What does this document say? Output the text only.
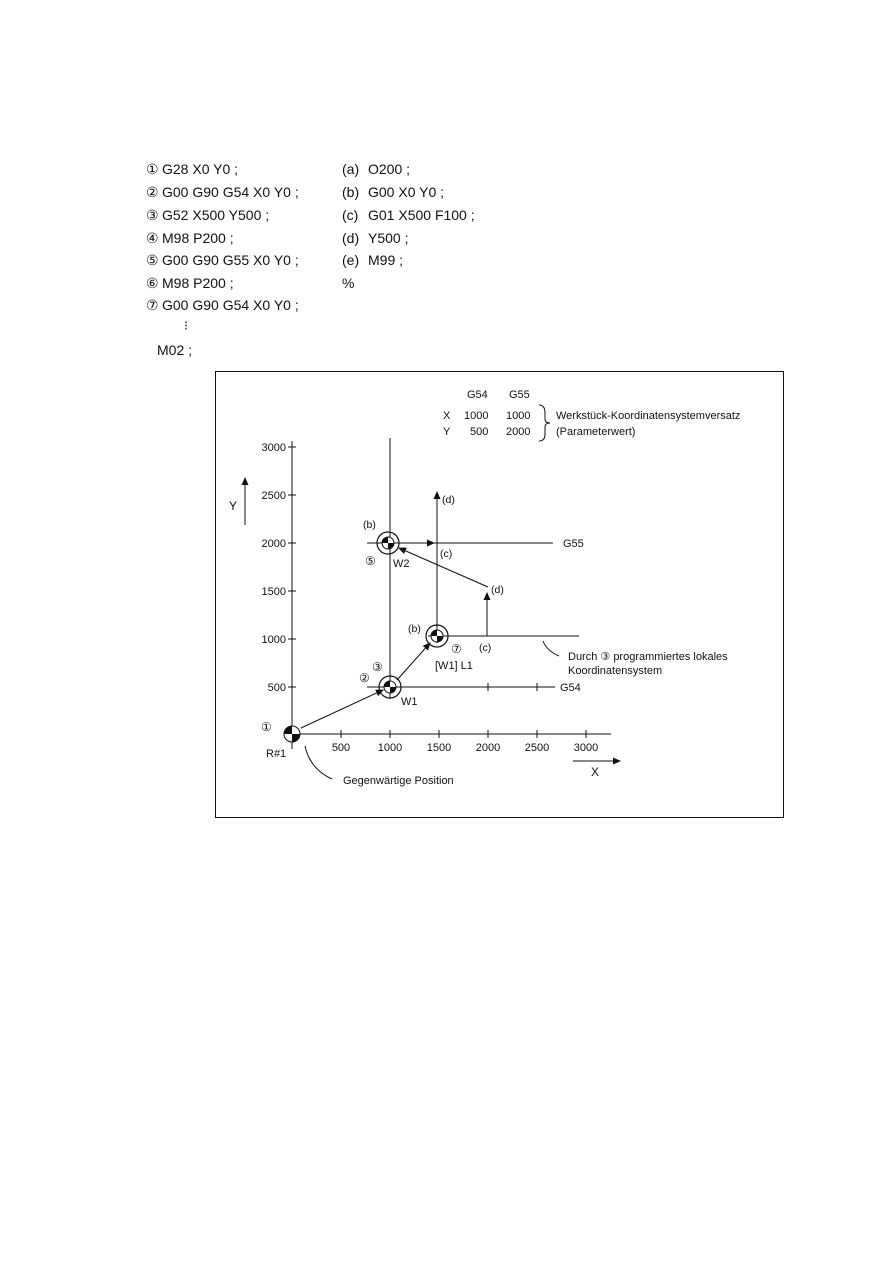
① G28 X0 Y0 ;
② G00 G90 G54 X0 Y0 ;
③ G52 X500 Y500 ;
④ M98 P200 ;
⑤ G00 G90 G55 X0 Y0 ;
⑥ M98 P200 ;
⑦ G00 G90 G54 X0 Y0 ;
⁝
M02 ;
(a) O200 ;
(b) G00 X0 Y0 ;
(c) G01 X500 F100 ;
(d) Y500 ;
(e) M99 ;
%
G54 G55
X 1000 1000
Y 500 2000
Werkstück-Koordinatensystemversatz
(Parameterwert)
Y
X
3000
2500
2000
1500
1000
500
500	1000 1500 2000 2500 3000
G54
G55
①
②
③
⑤
⑦
R#1
Gegenwärtige Position
W1
W2
[W1] L1
(b)
(c)
(d)
(d)
(b)
(c)
Durch ③ programmiertes lokales
Koordinatensystem
